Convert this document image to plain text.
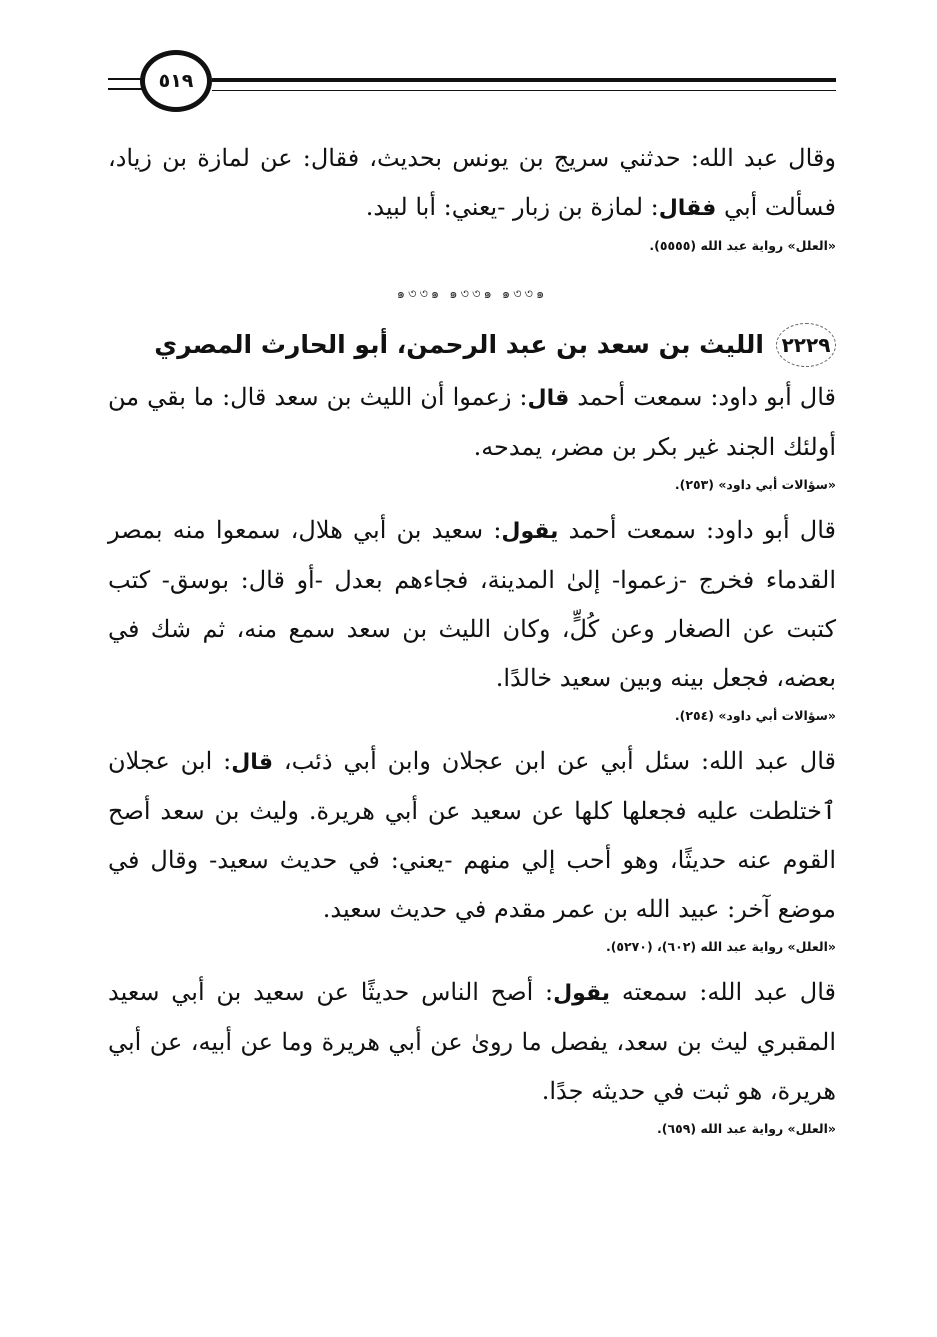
٥١٩

وقال عبد الله: حدثني سريج بن يونس بحديث، فقال: عن لمازة بن زياد، فسألت أبي فقال: لمازة بن زبار -يعني: أبا لبيد.

«العلل» رواية عبد الله (٥٥٥٥).
๑৩৩๑ ๑৩৩๑ ๑৩৩๑
٢٢٢٩
الليث بن سعد بن عبد الرحمن، أبو الحارث المصري

قال أبو داود: سمعت أحمد قال: زعموا أن الليث بن سعد قال: ما بقي من أولئك الجند غير بكر بن مضر، يمدحه.

«سؤالات أبي داود» (٢٥٣).

قال أبو داود: سمعت أحمد يقول: سعيد بن أبي هلال، سمعوا منه بمصر القدماء فخرج -زعموا- إلىٰ المدينة، فجاءهم بعدل -أو قال: بوسق- كتب كتبت عن الصغار وعن كُلٍّ، وكان الليث بن سعد سمع منه، ثم شك في بعضه، فجعل بينه وبين سعيد خالدًا.

«سؤالات أبي داود» (٢٥٤).

قال عبد الله: سئل أبي عن ابن عجلان وابن أبي ذئب، قال: ابن عجلان ٱختلطت عليه فجعلها كلها عن سعيد عن أبي هريرة. وليث بن سعد أصح القوم عنه حديثًا، وهو أحب إلي منهم -يعني: في حديث سعيد- وقال في موضع آخر: عبيد الله بن عمر مقدم في حديث سعيد.

«العلل» رواية عبد الله (٦٠٢)، (٥٢٧٠).

قال عبد الله: سمعته يقول: أصح الناس حديثًا عن سعيد بن أبي سعيد المقبري ليث بن سعد، يفصل ما روىٰ عن أبي هريرة وما عن أبيه، عن أبي هريرة، هو ثبت في حديثه جدًا.

«العلل» رواية عبد الله (٦٥٩).
